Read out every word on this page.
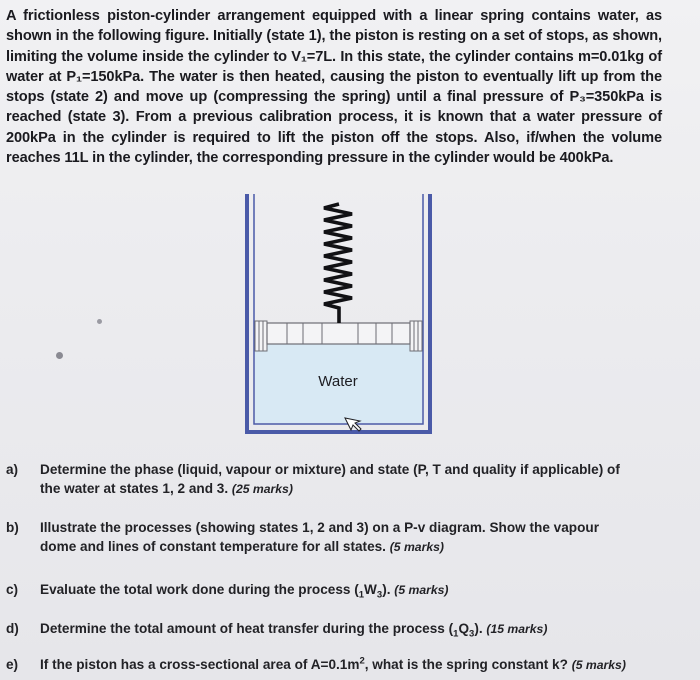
A frictionless piston-cylinder arrangement equipped with a linear spring contains water, as
shown in the following figure. Initially (state 1), the piston is resting on a set of stops, as shown,
limiting the volume inside the cylinder to V₁=7L. In this state, the cylinder contains m=0.01kg of
water at P₁=150kPa. The water is then heated, causing the piston to eventually lift up from the
stops (state 2) and move up (compressing the spring) until a final pressure of P₃=350kPa is
reached (state 3). From a previous calibration process, it is known that a water pressure of
200kPa in the cylinder is required to lift the piston off the stops. Also, if/when the volume
reaches 11L in the cylinder, the corresponding pressure in the cylinder would be 400kPa.
Water
a) Determine the phase (liquid, vapour or mixture) and state (P, T and quality if applicable) of
the water at states 1, 2 and 3. (25 marks)
b) Illustrate the processes (showing states 1, 2 and 3) on a P-v diagram. Show the vapour
dome and lines of constant temperature for all states. (5 marks)
c) Evaluate the total work done during the process $(_1W_3)$. (5 marks)
d) Determine the total amount of heat transfer during the process $(_1Q_3)$. (15 marks)
e) If the piston has a cross-sectional area of $A=0.1m^2$, what is the spring constant k? (5 marks)
